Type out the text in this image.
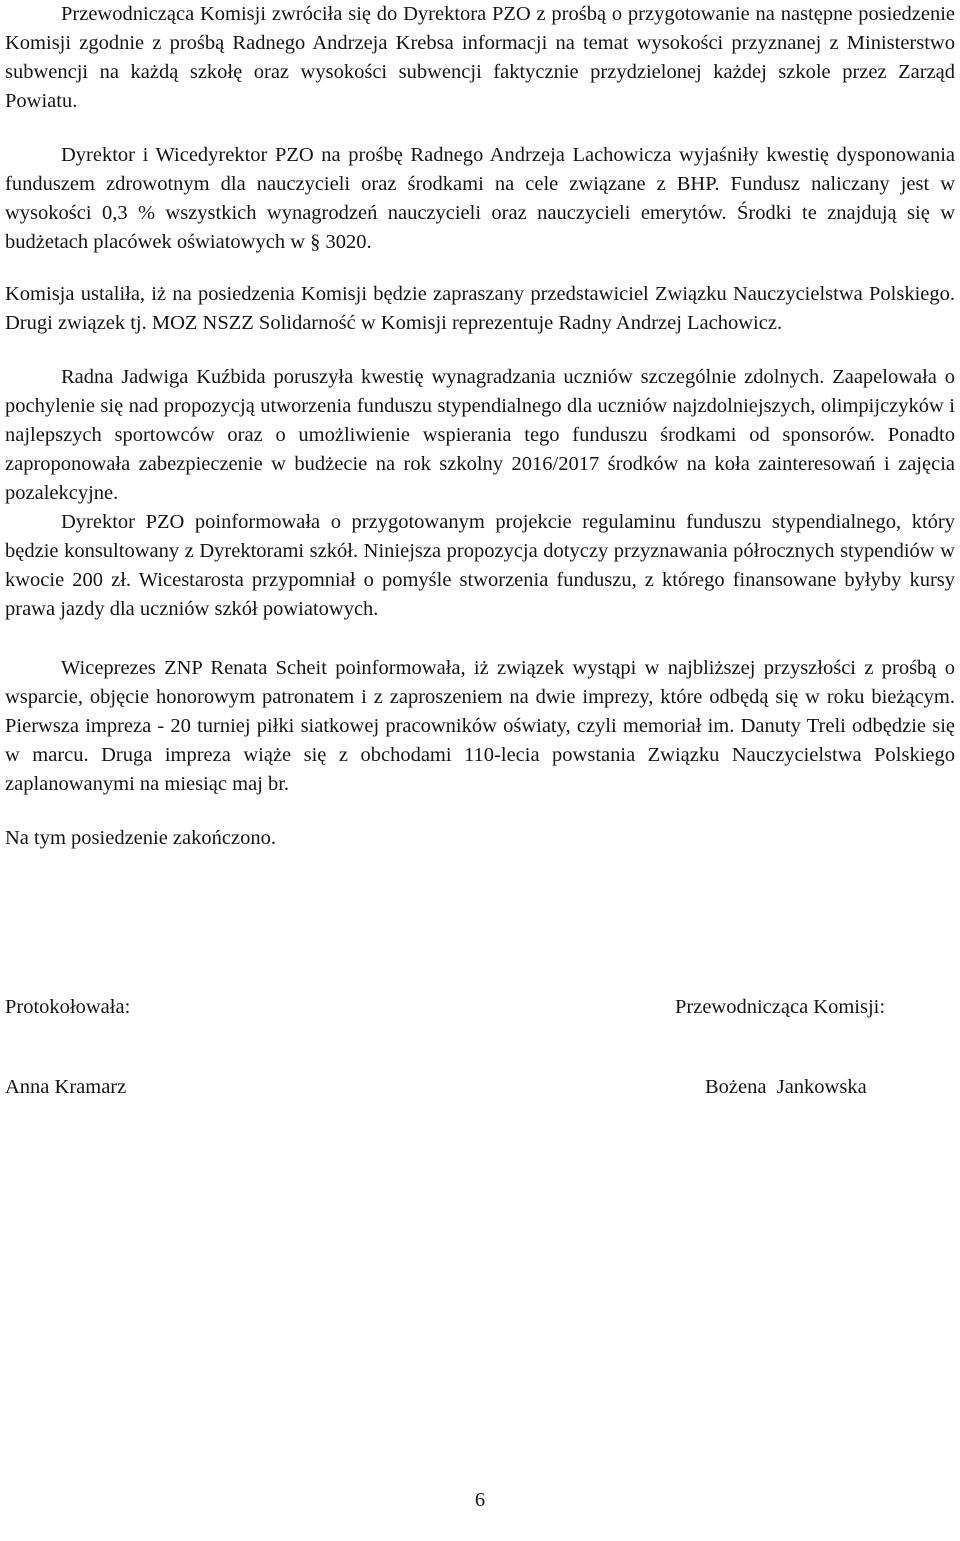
Przewodnicząca Komisji zwróciła się do Dyrektora PZO z prośbą o przygotowanie na następne posiedzenie Komisji zgodnie z prośbą Radnego Andrzeja Krebsa informacji na temat wysokości przyznanej z Ministerstwo subwencji na każdą szkołę oraz wysokości subwencji faktycznie przydzielonej każdej szkole przez Zarząd Powiatu.

Dyrektor i Wicedyrektor PZO na prośbę Radnego Andrzeja Lachowicza wyjaśniły kwestię dysponowania funduszem zdrowotnym dla nauczycieli oraz środkami na cele związane z BHP. Fundusz naliczany jest w wysokości 0,3 % wszystkich wynagrodzeń nauczycieli oraz nauczycieli emerytów. Środki te znajdują się w budżetach placówek oświatowych w § 3020.

Komisja ustaliła, iż na posiedzenia Komisji będzie zapraszany przedstawiciel Związku Nauczycielstwa Polskiego. Drugi związek tj. MOZ NSZZ Solidarność w Komisji reprezentuje Radny Andrzej Lachowicz.

Radna Jadwiga Kuźbida poruszyła kwestię wynagradzania uczniów szczególnie zdolnych. Zaapelowała o pochylenie się nad propozycją utworzenia funduszu stypendialnego dla uczniów najzdolniejszych, olimpijczyków i najlepszych sportowców oraz o umożliwienie wspierania tego funduszu środkami od sponsorów. Ponadto zaproponowała zabezpieczenie w budżecie na rok szkolny 2016/2017 środków na koła zainteresowań i zajęcia pozalekcyjne.

Dyrektor PZO poinformowała o przygotowanym projekcie regulaminu funduszu stypendialnego, który będzie konsultowany z Dyrektorami szkół. Niniejsza propozycja dotyczy przyznawania półrocznych stypendiów w kwocie 200 zł. Wicestarosta przypomniał o pomyśle stworzenia funduszu, z którego finansowane byłyby kursy prawa jazdy dla uczniów szkół powiatowych.

Wiceprezes ZNP Renata Scheit poinformowała, iż związek wystąpi w najbliższej przyszłości z prośbą o wsparcie, objęcie honorowym patronatem i z zaproszeniem na dwie imprezy, które odbędą się w roku bieżącym. Pierwsza impreza - 20 turniej piłki siatkowej pracowników oświaty, czyli memoriał im. Danuty Treli odbędzie się w marcu. Druga impreza wiąże się z obchodami 110-lecia powstania Związku Nauczycielstwa Polskiego zaplanowanymi na miesiąc maj br.

Na tym posiedzenie zakończono.

Protokołowała:	Przewodnicząca Komisji:
Anna Kramarz	Bożena  Jankowska
6
